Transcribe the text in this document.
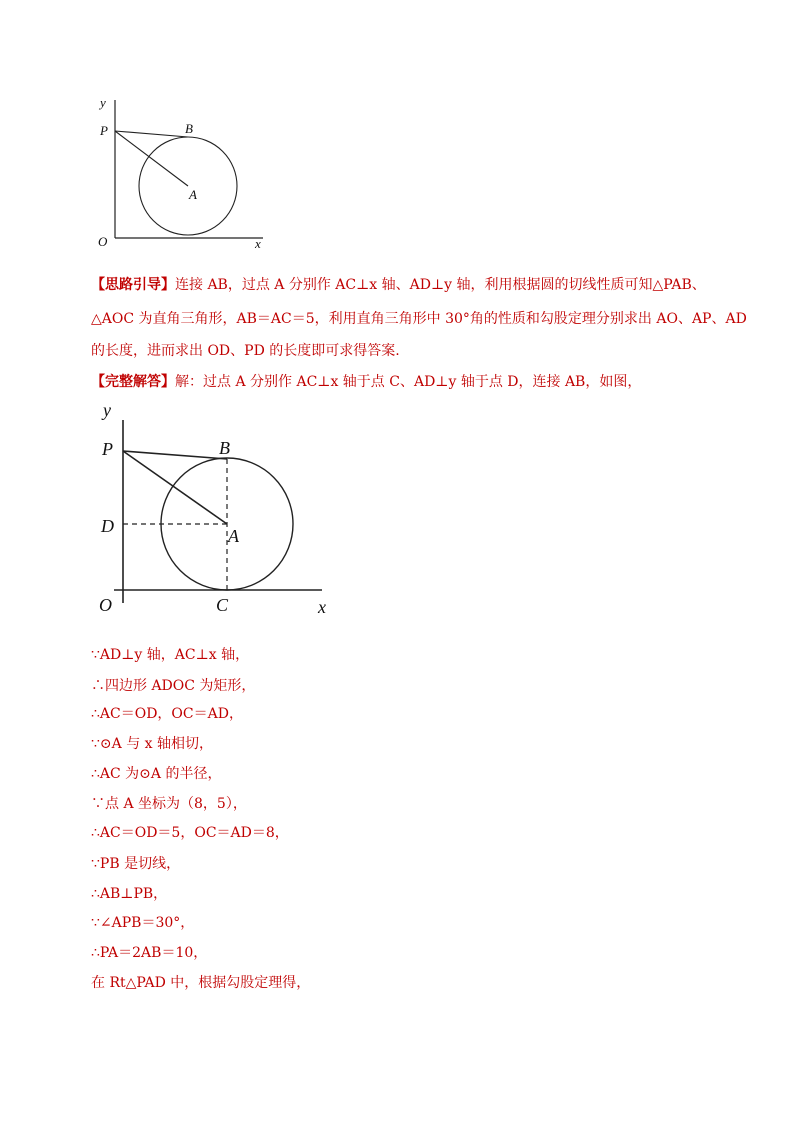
y
P	B
A
O	x
【思路引导】连接 AB，过点 A 分别作 AC⊥x 轴、AD⊥y 轴，利用根据圆的切线性质可知△PAB、
△AOC 为直角三角形，AB＝AC＝5，利用直角三角形中 30°角的性质和勾股定理分别求出 AO、AP、AD
的长度，进而求出 OD、PD 的长度即可求得答案.
【完整解答】解：过点 A 分别作 AC⊥x 轴于点 C、AD⊥y 轴于点 D，连接 AB，如图，
y
P	B
D	A
O	C	x
∵AD⊥y 轴，AC⊥x 轴，
∴四边形 ADOC 为矩形，
∴AC＝OD，OC＝AD，
∵⊙A 与 x 轴相切，
∴AC 为⊙A 的半径，
∵点 A 坐标为（8，5），
∴AC＝OD＝5，OC＝AD＝8，
∵PB 是切线，
∴AB⊥PB，
∵∠APB＝30°，
∴PA＝2AB＝10，
在 Rt△PAD 中，根据勾股定理得，
